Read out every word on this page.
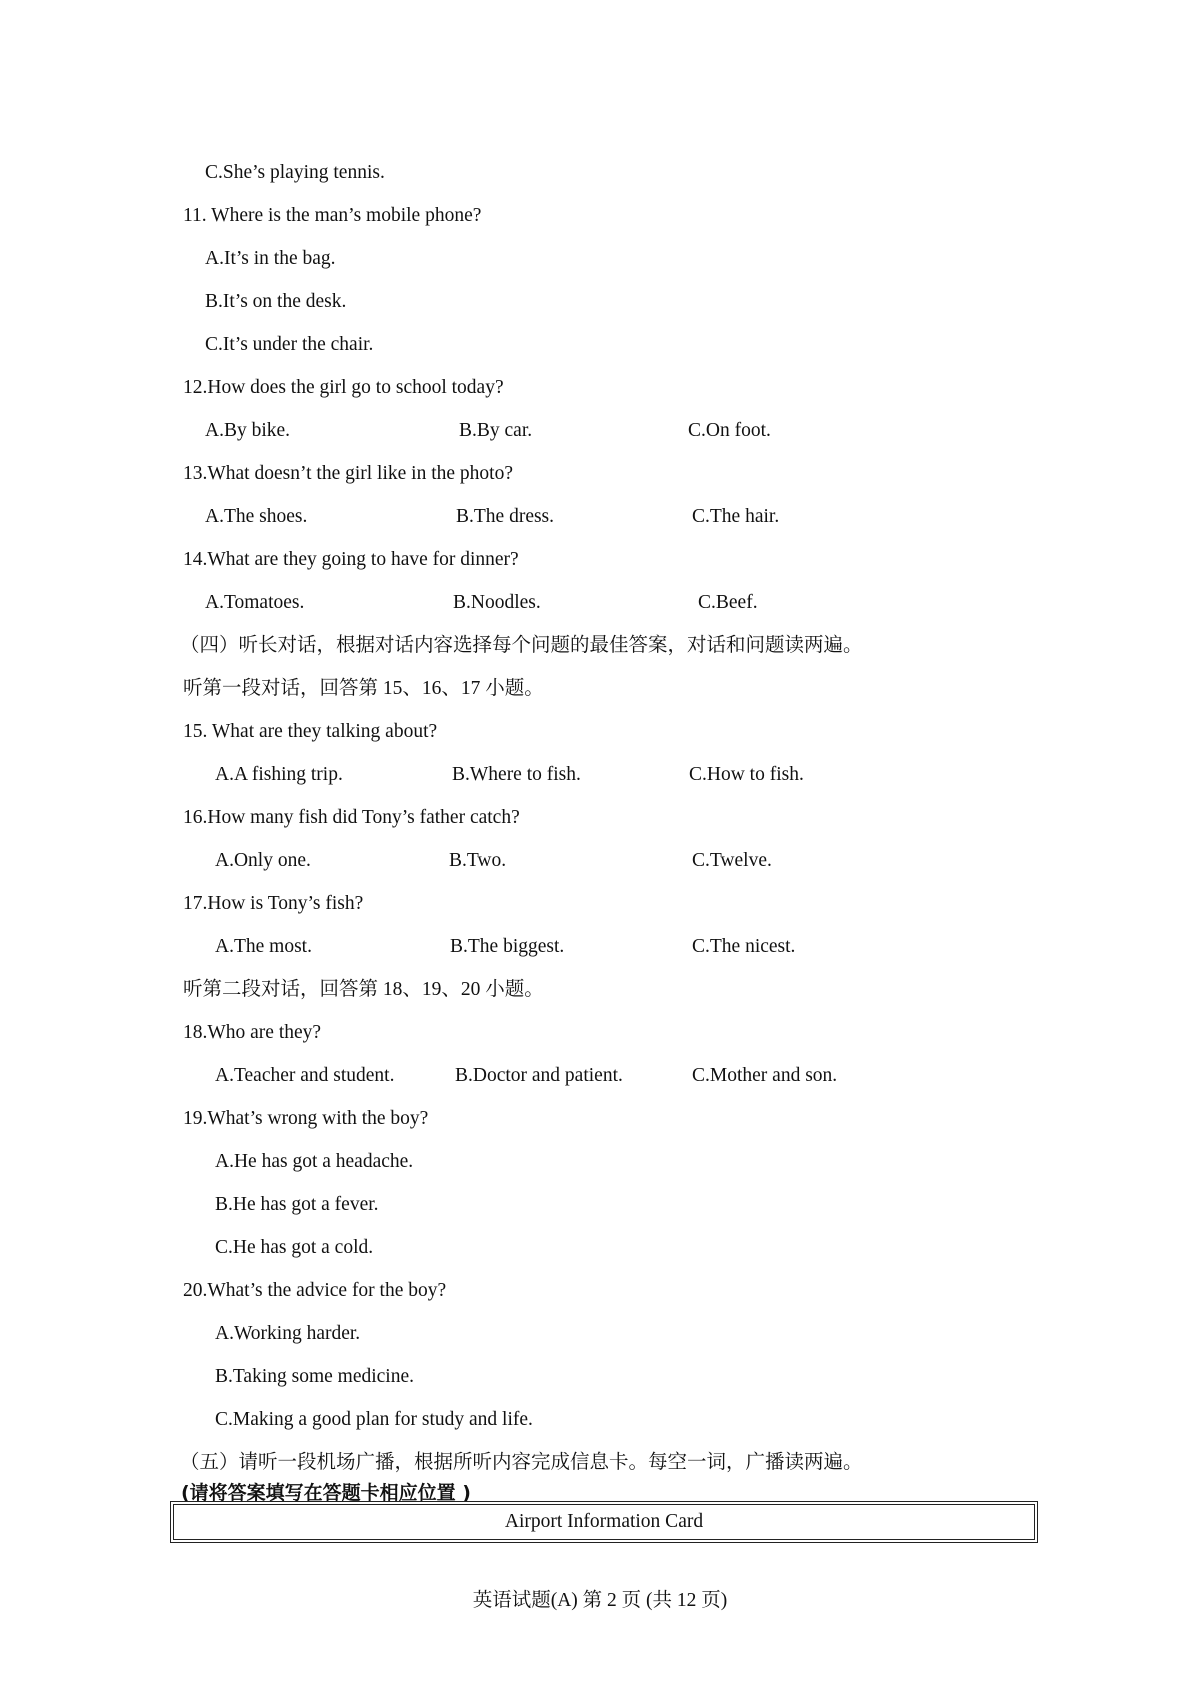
C.She’s playing tennis.
11. Where is the man’s mobile phone?
A.It’s in the bag.
B.It’s on the desk.
C.It’s under the chair.
12.How does the girl go to school today?
A.By bike.	B.By car.	C.On foot.
13.What doesn’t the girl like in the photo?
A.The shoes.	B.The dress.	C.The hair.
14.What are they going to have for dinner?
A.Tomatoes.	B.Noodles.	C.Beef.
（四）听长对话，根据对话内容选择每个问题的最佳答案，对话和问题读两遍。
听第一段对话，回答第 15、16、17 小题。
15. What are they talking about?
A.A fishing trip.	B.Where to fish.	C.How to fish.
16.How many fish did Tony’s father catch?
A.Only one.	B.Two.	C.Twelve.
17.How is Tony’s fish?
A.The most.	B.The biggest.	C.The nicest.
听第二段对话，回答第 18、19、20 小题。
18.Who are they?
A.Teacher and student.	B.Doctor and patient.	C.Mother and son.
19.What’s wrong with the boy?
A.He has got a headache.
B.He has got a fever.
C.He has got a cold.
20.What’s the advice for the boy?
A.Working harder.
B.Taking some medicine.
C.Making a good plan for study and life.
（五）请听一段机场广播，根据所听内容完成信息卡。每空一词，广播读两遍。
(请将答案填写在答题卡相应位置 )
Airport Information Card
英语试题(A) 第 2 页 (共 12 页)
